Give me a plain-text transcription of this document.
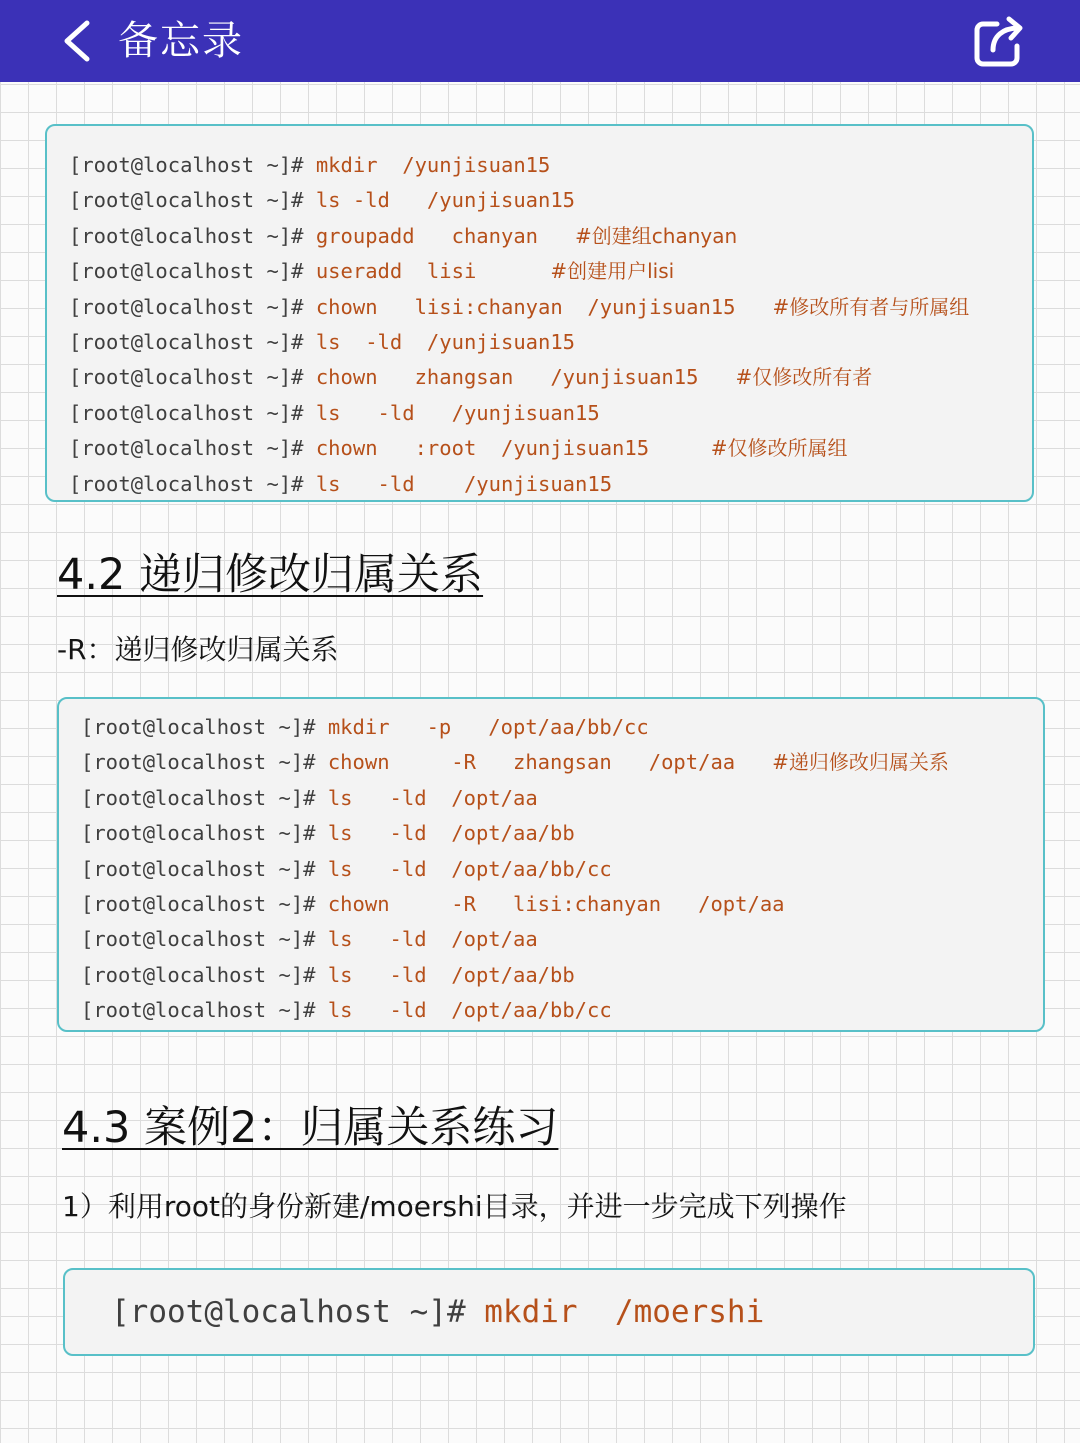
备忘录
[root@localhost ~]# mkdir  /yunjisuan15
[root@localhost ~]# ls -ld   /yunjisuan15
[root@localhost ~]# groupadd   chanyan   #创建组chanyan
[root@localhost ~]# useradd  lisi      #创建用户lisi
[root@localhost ~]# chown   lisi:chanyan  /yunjisuan15   #修改所有者与所属组
[root@localhost ~]# ls  -ld  /yunjisuan15
[root@localhost ~]# chown   zhangsan   /yunjisuan15   #仅修改所有者
[root@localhost ~]# ls   -ld   /yunjisuan15
[root@localhost ~]# chown   :root  /yunjisuan15     #仅修改所属组
[root@localhost ~]# ls   -ld    /yunjisuan15
4.2 递归修改归属关系

-R：递归修改归属关系

[root@localhost ~]# mkdir   -p   /opt/aa/bb/cc
[root@localhost ~]# chown     -R   zhangsan   /opt/aa   #递归修改归属关系
[root@localhost ~]# ls   -ld  /opt/aa
[root@localhost ~]# ls   -ld  /opt/aa/bb
[root@localhost ~]# ls   -ld  /opt/aa/bb/cc
[root@localhost ~]# chown     -R   lisi:chanyan   /opt/aa
[root@localhost ~]# ls   -ld  /opt/aa
[root@localhost ~]# ls   -ld  /opt/aa/bb
[root@localhost ~]# ls   -ld  /opt/aa/bb/cc
4.3 案例2：归属关系练习

1）利用root的身份新建/moershi目录，并进一步完成下列操作

[root@localhost ~]# mkdir  /moershi
